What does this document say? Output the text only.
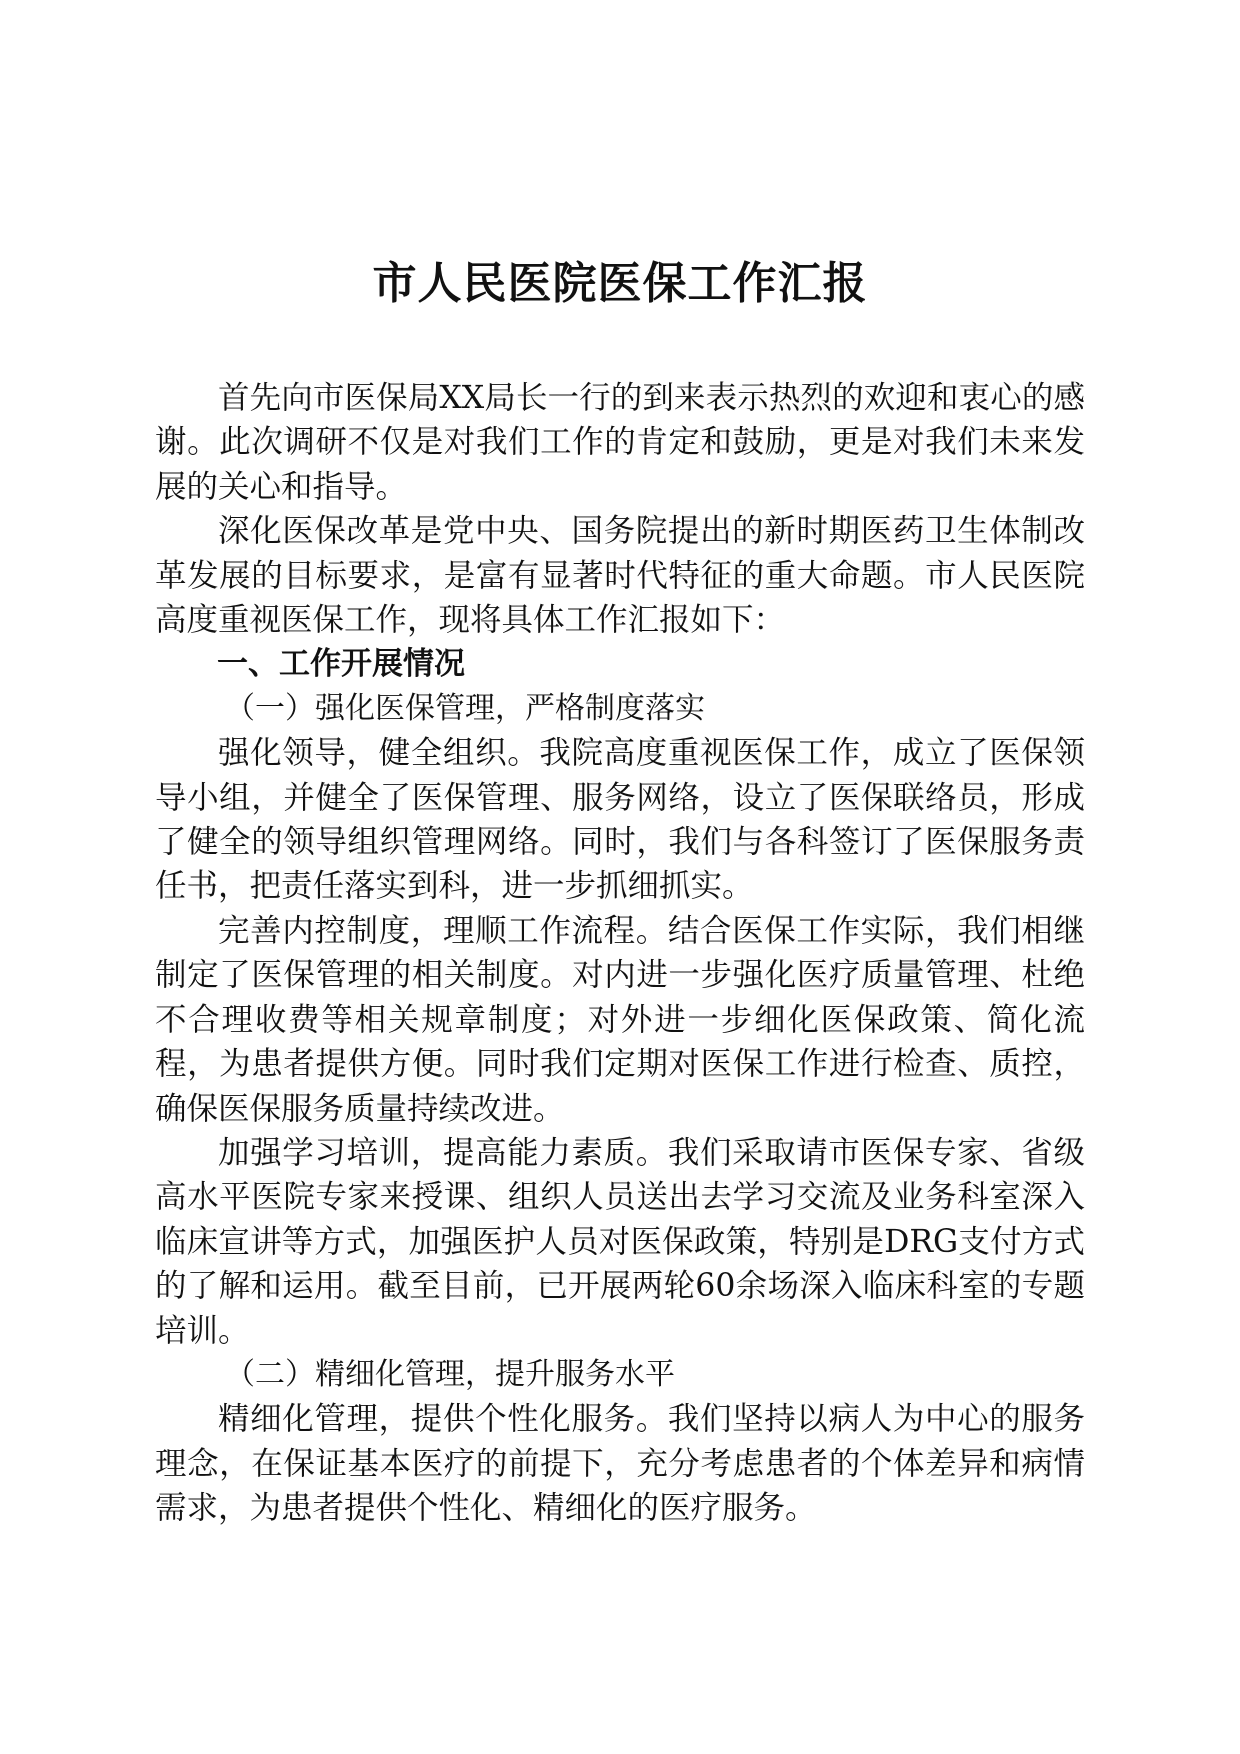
市人民医院医保工作汇报

首先向市医保局XX局长一行的到来表示热烈的欢迎和衷心的感谢。此次调研不仅是对我们工作的肯定和鼓励，更是对我们未来发展的关心和指导。

深化医保改革是党中央、国务院提出的新时期医药卫生体制改革发展的目标要求，是富有显著时代特征的重大命题。市人民医院高度重视医保工作，现将具体工作汇报如下：

一、工作开展情况

（一）强化医保管理，严格制度落实

强化领导，健全组织。我院高度重视医保工作，成立了医保领导小组，并健全了医保管理、服务网络，设立了医保联络员，形成了健全的领导组织管理网络。同时，我们与各科签订了医保服务责任书，把责任落实到科，进一步抓细抓实。

完善内控制度，理顺工作流程。结合医保工作实际，我们相继制定了医保管理的相关制度。对内进一步强化医疗质量管理、杜绝不合理收费等相关规章制度；对外进一步细化医保政策、简化流程，为患者提供方便。同时我们定期对医保工作进行检查、质控，确保医保服务质量持续改进。

加强学习培训，提高能力素质。我们采取请市医保专家、省级高水平医院专家来授课、组织人员送出去学习交流及业务科室深入临床宣讲等方式，加强医护人员对医保政策，特别是DRG支付方式的了解和运用。截至目前，已开展两轮60余场深入临床科室的专题培训。

（二）精细化管理，提升服务水平

精细化管理，提供个性化服务。我们坚持以病人为中心的服务理念，在保证基本医疗的前提下，充分考虑患者的个体差异和病情需求，为患者提供个性化、精细化的医疗服务。
